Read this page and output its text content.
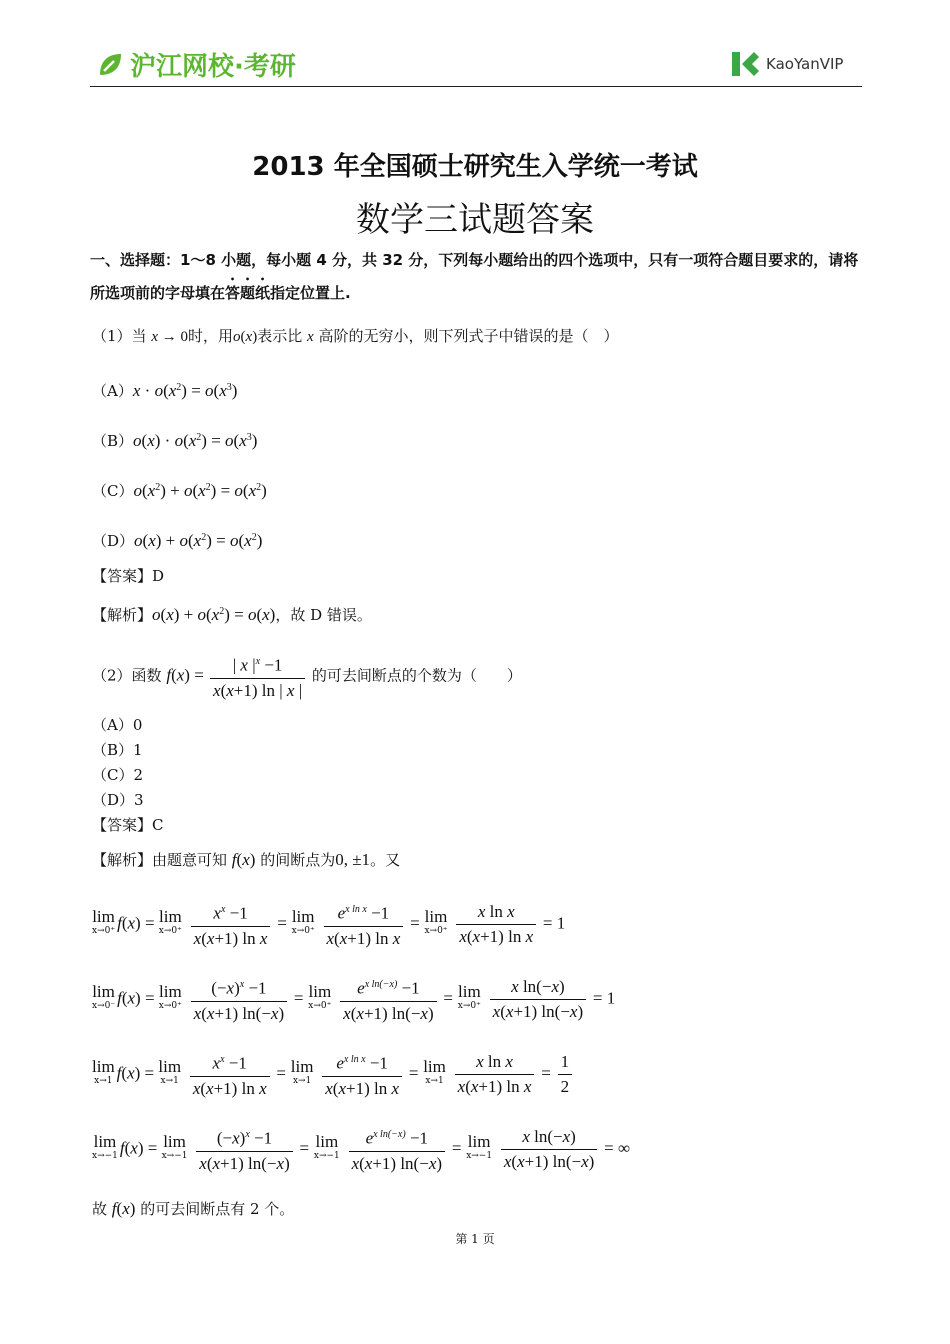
沪江网校·考研	KaoYanVIP
2013 年全国硕士研究生入学统一考试
数学三试题答案
一、选择题：1～8 小题，每小题 4 分，共 32 分，下列每小题给出的四个选项中，只有一项符合题目要求的，请将所选项前的字母填在答题纸指定位置上.
（1）当 x → 0时，用o(x)表示比 x 高阶的无穷小，则下列式子中错误的是（　）
$(A)x \cdot o(x^2) = o(x^3)$
$(B)o(x) \cdot o(x^2) = o(x^3)$
$(C)o(x^2) + o(x^2) = o(x^2)$
$(D)o(x) + o(x^2) = o(x^2)$
【答案】D
【解析】$o(x) + o(x^2) = o(x)$，故 D 错误。
（2）函数 $f(x) = \frac{| x |^x -1}{x(x+1) \ln | x |}$ 的可去间断点的个数为（　　）
（A）0
（B）1
（C）2
（D）3
【答案】C
【解析】由题意可知 f(x) 的间断点为0, ±1。又
lim
x→0⁺ f(x) = lim
x→0⁺
$\frac{x^x -1}{\text{x(x+1) ln x}} = \lim$
x→0⁺
$\frac{e^{x ln x} -1}{\text{x(x+1) ln x}} = \lim$
x→0⁺
$\frac{\text{x ln x}}{\text{x(x+1) ln x}} = 1$
lim
x→0⁻ f(x) = lim
x→0⁺
$\frac{(-x)^x -1}{x(x+1) \ln(-x)} = \lim$
x→0⁺
$\frac{e^{x ln(-x)} -1}{x(x+1) \ln(-x)} = \lim$
x→0⁺
$\frac{\text{x ln(−x)}}{x(x+1) \ln(-x)} = 1$
lim
x→1 f(x) = lim
x→1
$\frac{x^x -1}{\text{x(x+1) ln x}} = \lim$
x→1
$\frac{e^{x ln x} -1}{\text{x(x+1) ln x}} = \lim$
x→1
$\frac{\text{x ln x}}{\text{x(x+1) ln x}} = \frac{1}{2}$
lim
x→−1 f(x) = lim
x→−1
$\frac{(-x)^x -1}{x(x+1) \ln(-x)} = \lim$
x→−1
$\frac{e^{x ln(-x)} -1}{x(x+1) \ln(-x)} = \lim$
x→−1
$\frac{\text{x ln(−x)}}{x(x+1) \ln(-x)}$ = ∞
故 f(x) 的可去间断点有 2 个。
第 1 页
